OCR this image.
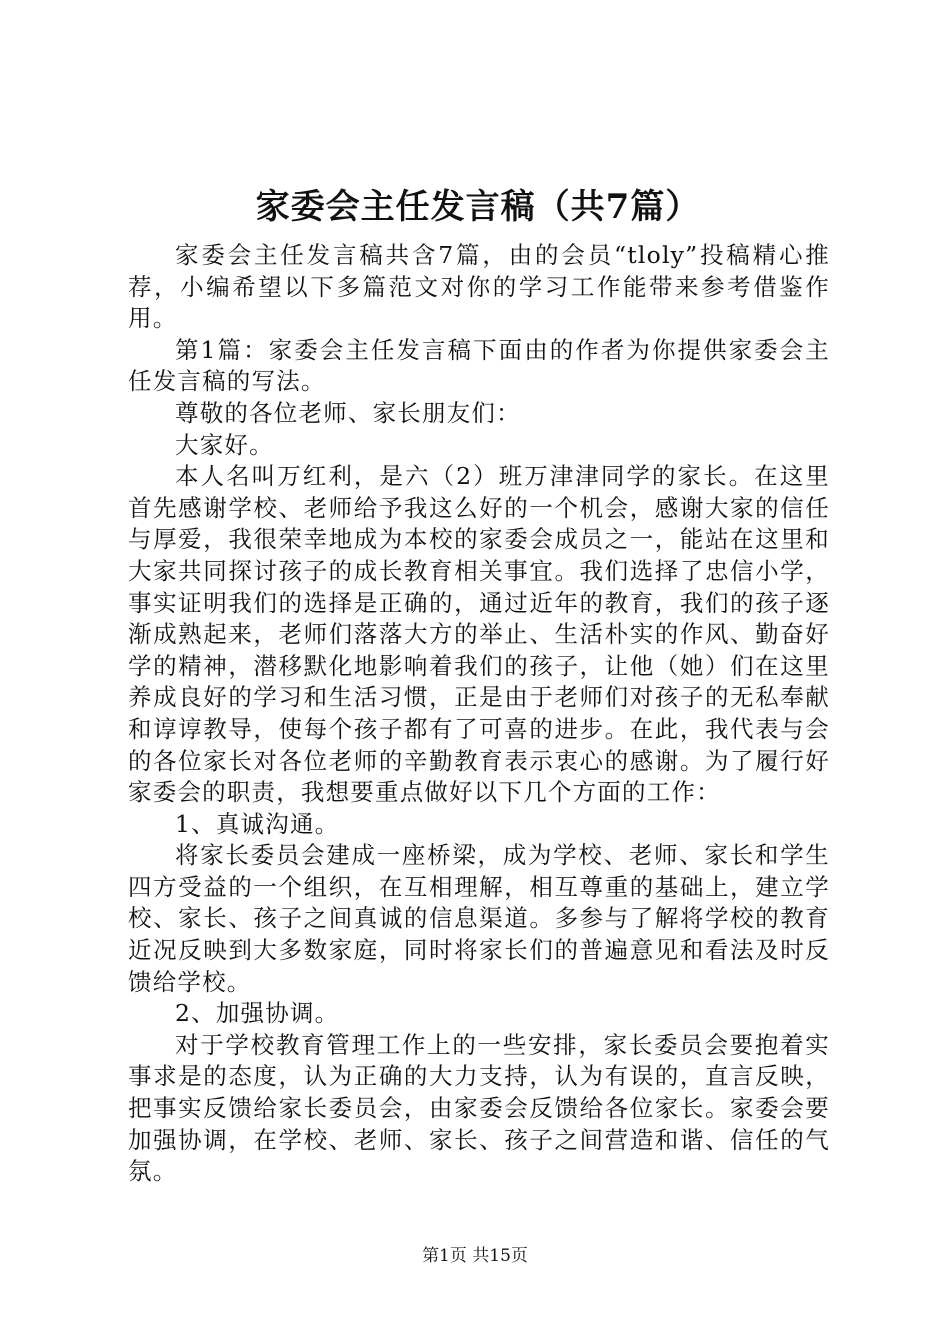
家委会主任发言稿（共7篇）

家委会主任发言稿共含7篇，由的会员“tloly”投稿精心推荐，小编希望以下多篇范文对你的学习工作能带来参考借鉴作用。

第1篇：家委会主任发言稿下面由的作者为你提供家委会主任发言稿的写法。

尊敬的各位老师、家长朋友们：

大家好。

本人名叫万红利，是六（2）班万津津同学的家长。在这里首先感谢学校、老师给予我这么好的一个机会，感谢大家的信任与厚爱，我很荣幸地成为本校的家委会成员之一，能站在这里和大家共同探讨孩子的成长教育相关事宜。我们选择了忠信小学，事实证明我们的选择是正确的，通过近年的教育，我们的孩子逐渐成熟起来，老师们落落大方的举止、生活朴实的作风、勤奋好学的精神，潜移默化地影响着我们的孩子，让他（她）们在这里养成良好的学习和生活习惯，正是由于老师们对孩子的无私奉献和谆谆教导，使每个孩子都有了可喜的进步。在此，我代表与会的各位家长对各位老师的辛勤教育表示衷心的感谢。为了履行好家委会的职责，我想要重点做好以下几个方面的工作：

1、真诚沟通。

将家长委员会建成一座桥梁，成为学校、老师、家长和学生四方受益的一个组织，在互相理解，相互尊重的基础上，建立学校、家长、孩子之间真诚的信息渠道。多参与了解将学校的教育近况反映到大多数家庭，同时将家长们的普遍意见和看法及时反馈给学校。

2、加强协调。

对于学校教育管理工作上的一些安排，家长委员会要抱着实事求是的态度，认为正确的大力支持，认为有误的，直言反映，把事实反馈给家长委员会，由家委会反馈给各位家长。家委会要加强协调，在学校、老师、家长、孩子之间营造和谐、信任的气氛。

第1页 共15页
